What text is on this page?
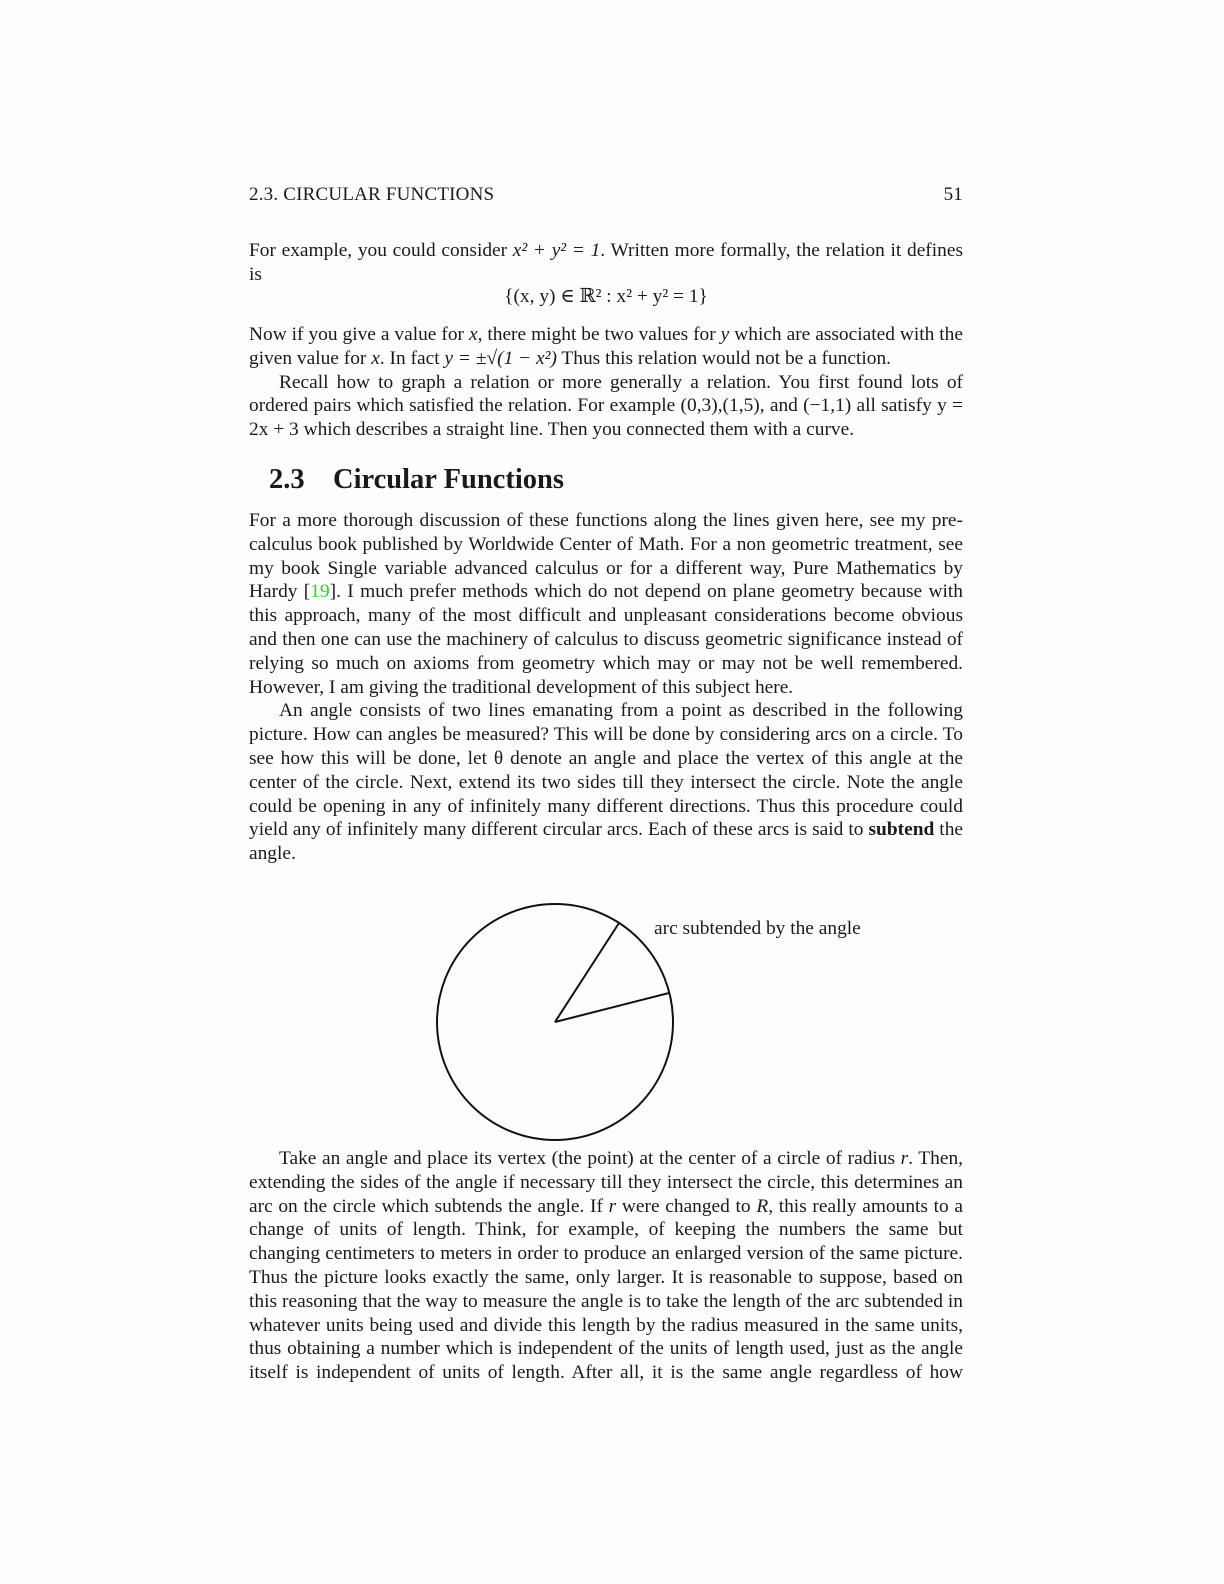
2.3. CIRCULAR FUNCTIONS	51

For example, you could consider x² + y² = 1. Written more formally, the relation it defines is

{(x, y) ∈ ℝ² : x² + y² = 1}

Now if you give a value for x, there might be two values for y which are associated with the given value for x. In fact y = ±√(1 − x²) Thus this relation would not be a function.

Recall how to graph a relation or more generally a relation. You first found lots of ordered pairs which satisfied the relation. For example (0,3),(1,5), and (−1,1) all satisfy y = 2x + 3 which describes a straight line. Then you connected them with a curve.

2.3 Circular Functions

For a more thorough discussion of these functions along the lines given here, see my pre-calculus book published by Worldwide Center of Math. For a non geometric treatment, see my book Single variable advanced calculus or for a different way, Pure Mathematics by Hardy [19]. I much prefer methods which do not depend on plane geometry because with this approach, many of the most difficult and unpleasant considerations become obvious and then one can use the machinery of calculus to discuss geometric significance instead of relying so much on axioms from geometry which may or may not be well remembered. However, I am giving the traditional development of this subject here.

An angle consists of two lines emanating from a point as described in the following picture. How can angles be measured? This will be done by considering arcs on a circle. To see how this will be done, let θ denote an angle and place the vertex of this angle at the center of the circle. Next, extend its two sides till they intersect the circle. Note the angle could be opening in any of infinitely many different directions. Thus this procedure could yield any of infinitely many different circular arcs. Each of these arcs is said to subtend the angle.

arc subtended by the angle

Take an angle and place its vertex (the point) at the center of a circle of radius r. Then, extending the sides of the angle if necessary till they intersect the circle, this determines an arc on the circle which subtends the angle. If r were changed to R, this really amounts to a change of units of length. Think, for example, of keeping the numbers the same but changing centimeters to meters in order to produce an enlarged version of the same picture. Thus the picture looks exactly the same, only larger. It is reasonable to suppose, based on this reasoning that the way to measure the angle is to take the length of the arc subtended in whatever units being used and divide this length by the radius measured in the same units, thus obtaining a number which is independent of the units of length used, just as the angle itself is independent of units of length. After all, it is the same angle regardless of how
